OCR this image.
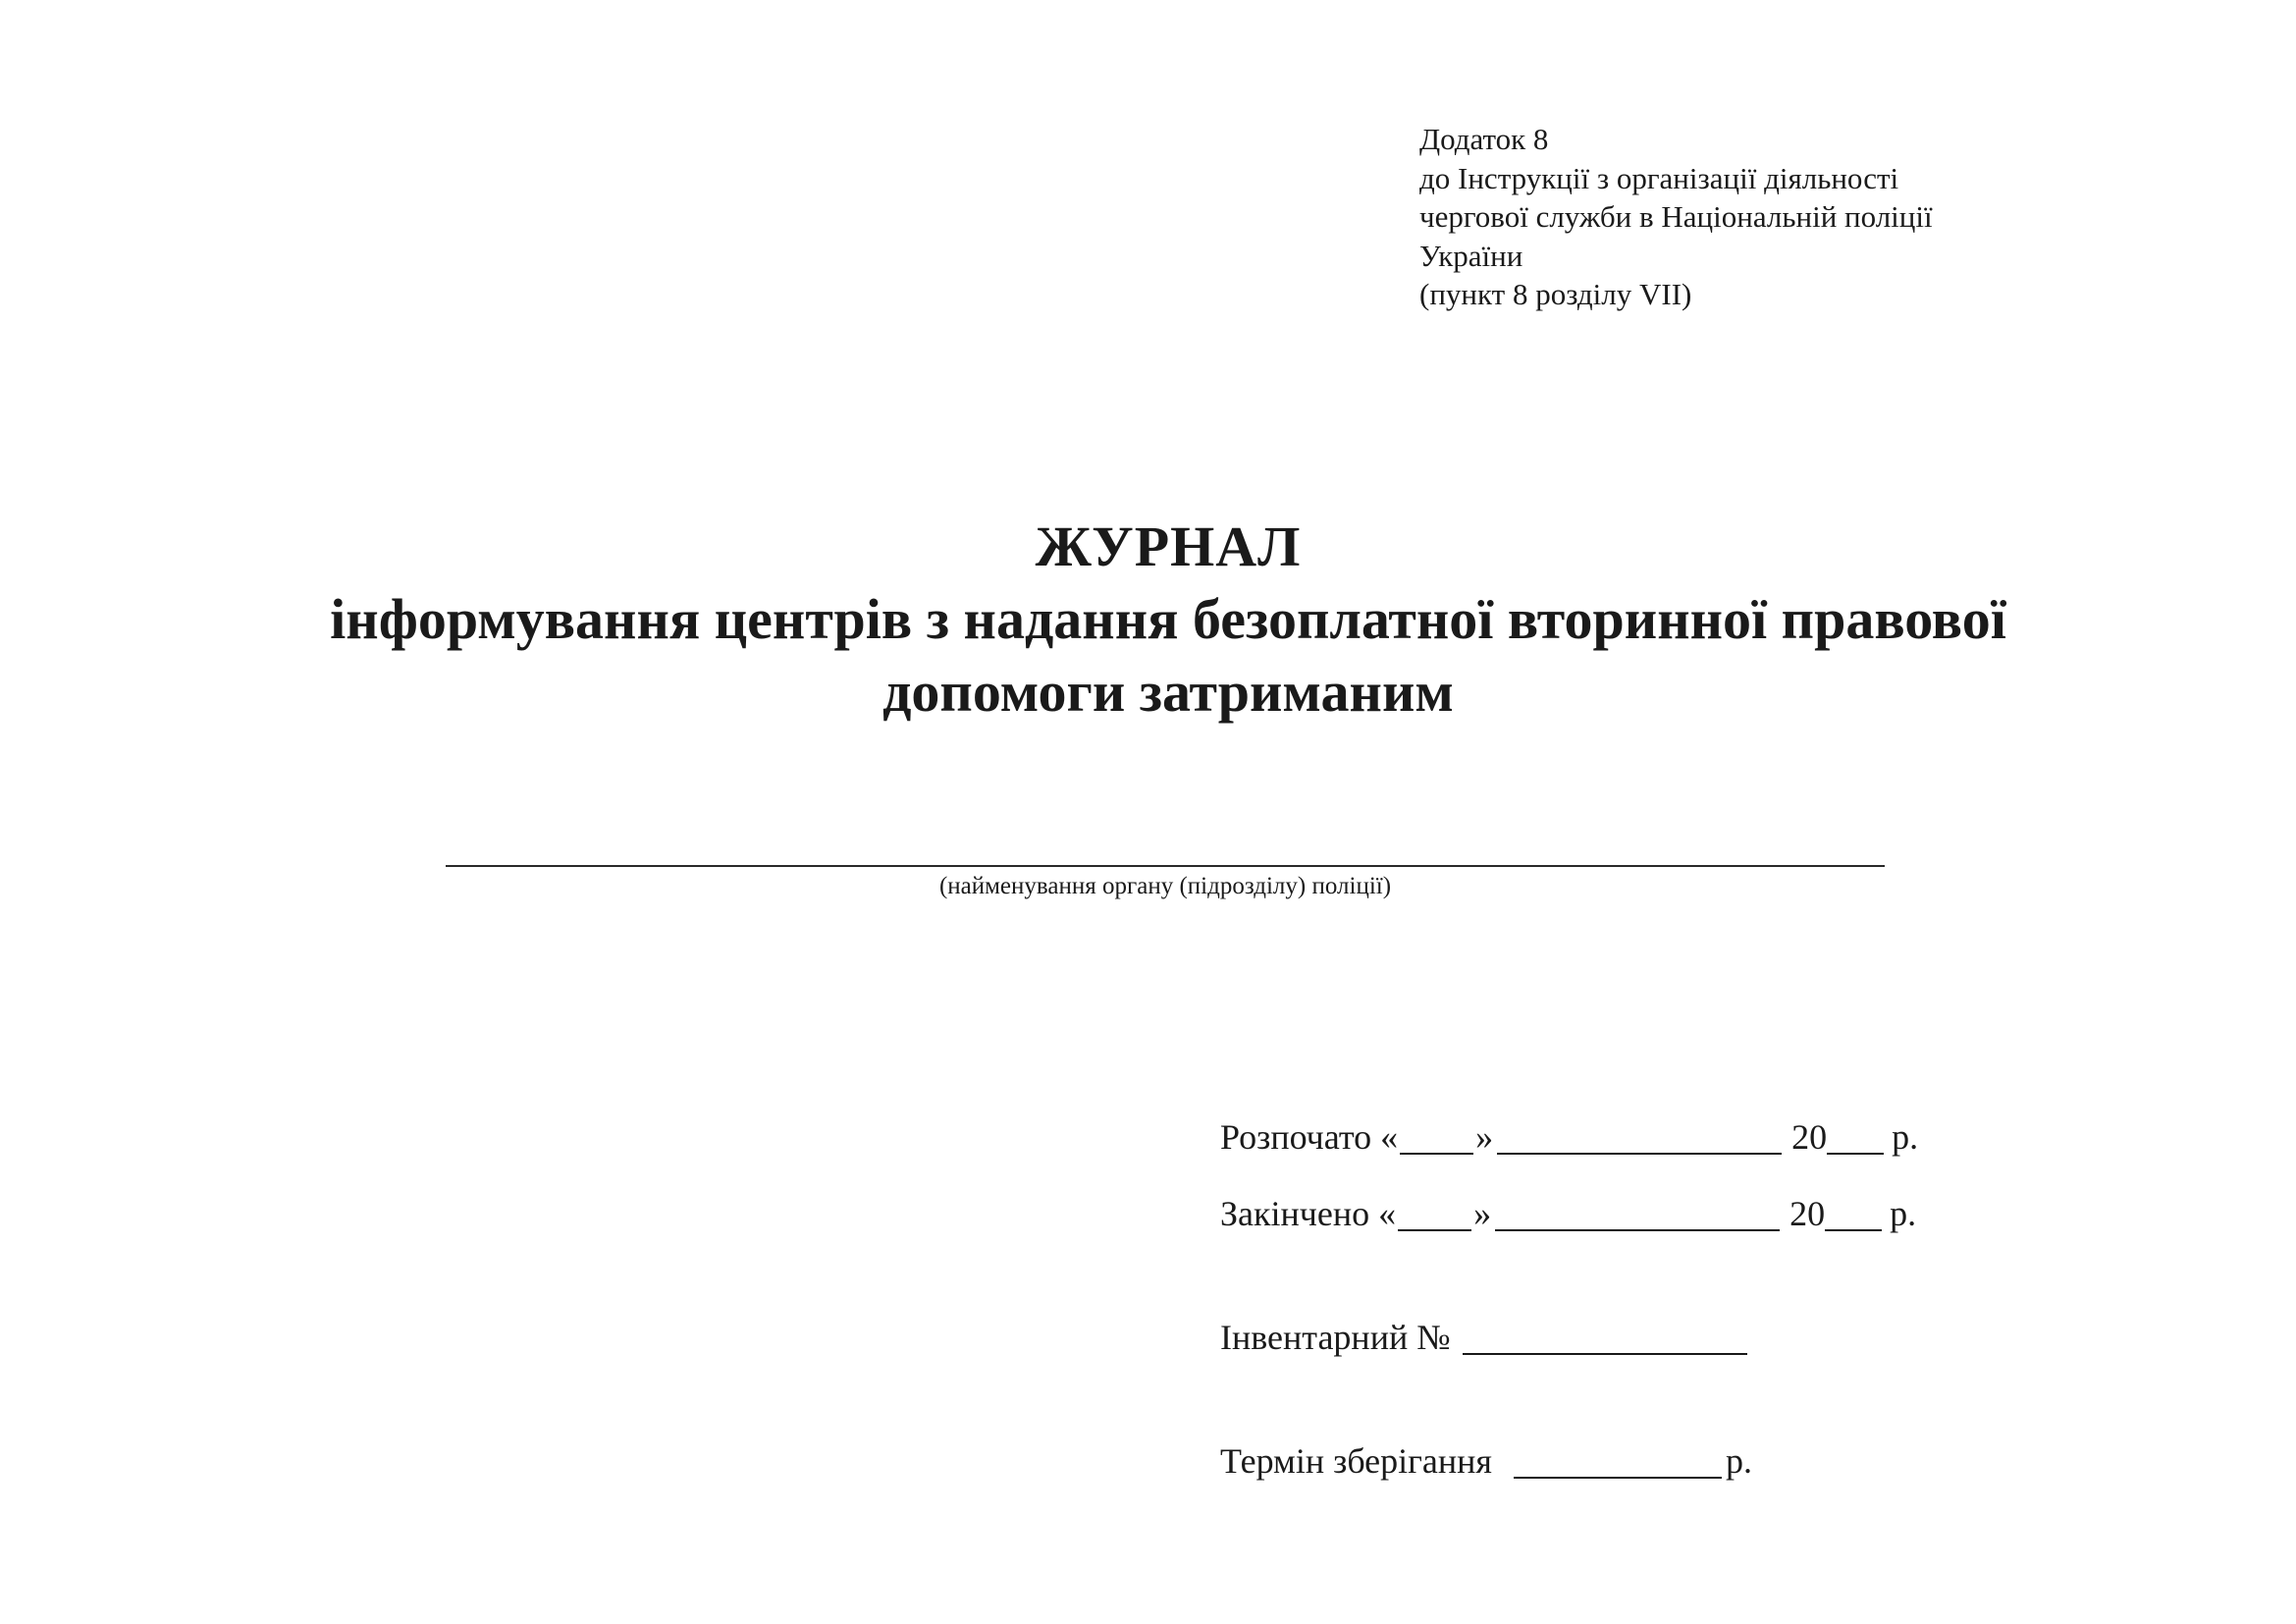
Додаток 8
до Інструкції з організації діяльності
чергової служби в Національній поліції
України
(пункт 8 розділу VII)
ЖУРНАЛ
інформування центрів з надання безоплатної вторинної правової
допомоги затриманим
(найменування органу (підрозділу) поліції)
Розпочато « »	20 р.
Закінчено « »	20 р.
Інвентарний №
Термін зберігання	р.
